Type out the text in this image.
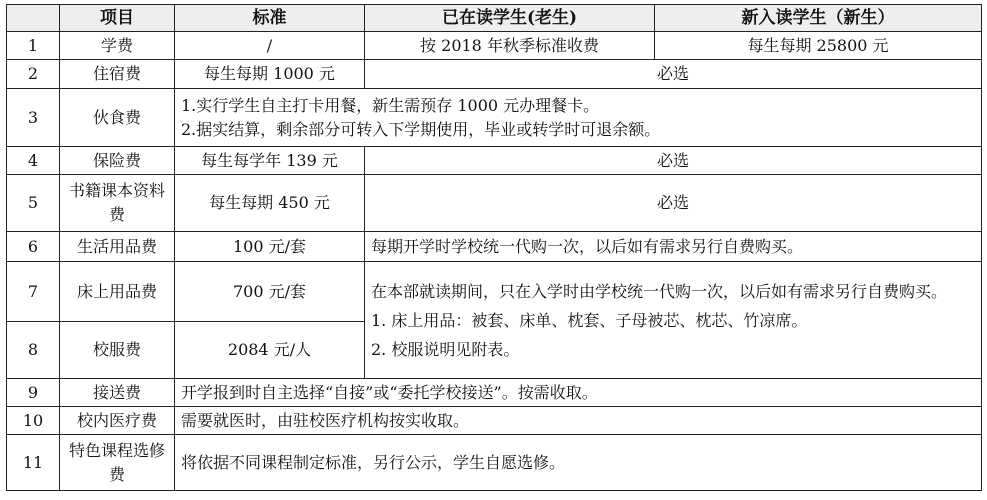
	项目	标准	已在读学生(老生)	新入读学生（新生）
1	学费	/	按 2018 年秋季标准收费	每生每期 25800 元
2	住宿费	每生每期 1000 元	必选	
3	伙食费	1.实行学生自主打卡用餐，新生需预存 1000 元办理餐卡。
2.据实结算，剩余部分可转入下学期使用，毕业或转学时可退余额。		

4	保险费	每生每学年 139 元	必选	
5	书籍课本资料费	每生每期 450 元	必选	
6	生活用品费	100 元/套	每期开学时学校统一代购一次，以后如有需求另行自费购买。	
7	床上用品费	700 元/套	在本部就读期间，只在入学时由学校统一代购一次，以后如有需求另行自费购买。
1. 床上用品：被套、床单、枕套、子母被芯、枕芯、竹凉席。
2. 校服说明见附表。	

8	校服费	2084 元/人		
9	接送费	开学报到时自主选择“自接”或“委托学校接送”。按需收取。		
10	校内医疗费	需要就医时，由驻校医疗机构按实收取。		
11	特色课程选修费	将依据不同课程制定标准，另行公示，学生自愿选修。		
